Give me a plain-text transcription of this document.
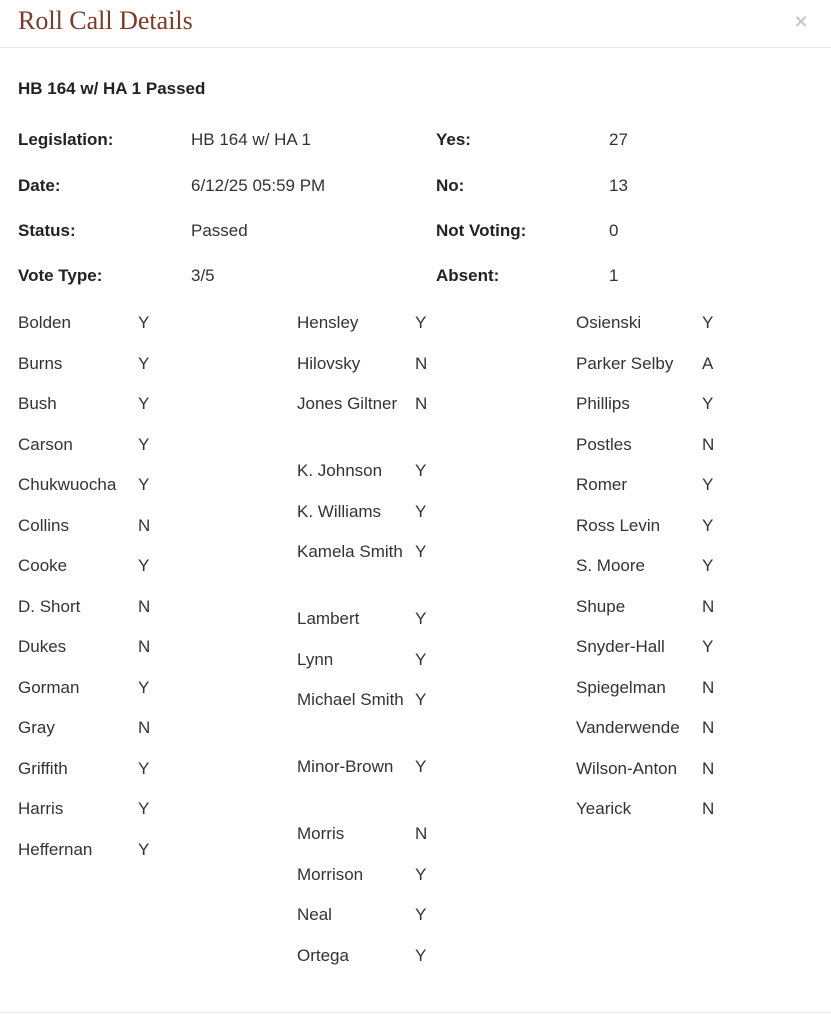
Roll Call Details	×
HB 164 w/ HA 1 Passed
Legislation:	HB 164 w/ HA 1	Yes:	27
Date:	6/12/25 05:59 PM	No:	13
Status:	Passed	Not Voting:	0
Vote Type:	3/5	Absent:	1
Bolden	Y
Burns	Y
Bush	Y
Carson	Y
Chukwuocha	Y
Collins	N
Cooke	Y
D. Short	N
Dukes	N
Gorman	Y
Gray	N
Griffith	Y
Harris	Y
Heffernan	Y
Hensley	Y
Hilovsky	N
Jones Giltner	N
K. Johnson	Y
K. Williams	Y
Kamela Smith Y
Lambert	Y
Lynn	Y
Michael Smith Y
Minor-Brown	Y
Morris	N
Morrison	Y
Neal	Y
Ortega	Y
Osienski	Y
Parker Selby	A
Phillips	Y
Postles	N
Romer	Y
Ross Levin	Y
S. Moore	Y
Shupe	N
Snyder-Hall	Y
Spiegelman	N
Vanderwende	N
Wilson-Anton	N
Yearick	N
